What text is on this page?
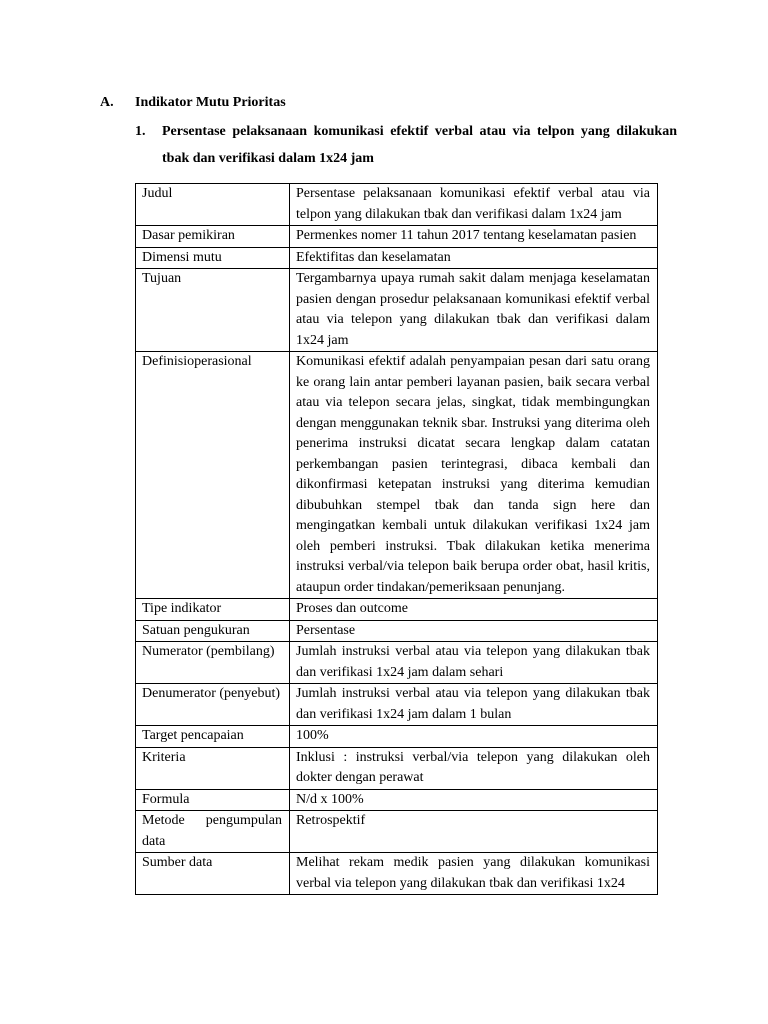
A. Indikator Mutu Prioritas
1. Persentase pelaksanaan komunikasi efektif verbal atau via telpon yang dilakukan tbak dan verifikasi dalam 1x24 jam
Judul	Persentase pelaksanaan komunikasi efektif verbal atau via telpon yang dilakukan tbak dan verifikasi dalam 1x24 jam
Dasar pemikiran	Permenkes nomer 11 tahun 2017 tentang keselamatan pasien
Dimensi mutu	Efektifitas dan keselamatan
Tujuan	Tergambarnya upaya rumah sakit dalam menjaga keselamatan pasien dengan prosedur pelaksanaan komunikasi efektif verbal atau via telepon yang dilakukan tbak dan verifikasi dalam 1x24 jam
Definisioperasional	Komunikasi efektif adalah penyampaian pesan dari satu orang ke orang lain antar pemberi layanan pasien, baik secara verbal atau via telepon secara jelas, singkat, tidak membingungkan dengan menggunakan teknik sbar. Instruksi yang diterima oleh penerima instruksi dicatat secara lengkap dalam catatan perkembangan pasien terintegrasi, dibaca kembali dan dikonfirmasi ketepatan instruksi yang diterima kemudian dibubuhkan stempel tbak dan tanda sign here dan mengingatkan kembali untuk dilakukan verifikasi 1x24 jam oleh pemberi instruksi. Tbak dilakukan ketika menerima instruksi verbal/via telepon baik berupa order obat, hasil kritis, ataupun order tindakan/pemeriksaan penunjang.
Tipe indikator	Proses dan outcome
Satuan pengukuran	Persentase
Numerator (pembilang)	Jumlah instruksi verbal atau via telepon yang dilakukan tbak dan verifikasi 1x24 jam dalam sehari
Denumerator (penyebut)	Jumlah instruksi verbal atau via telepon yang dilakukan tbak dan verifikasi 1x24 jam dalam 1 bulan
Target pencapaian	100%
Kriteria	Inklusi : instruksi verbal/via telepon yang dilakukan oleh dokter dengan perawat
Formula	N/d x 100%
Metode pengumpulan data	Retrospektif
Sumber data	Melihat rekam medik pasien yang dilakukan komunikasi verbal via telepon yang dilakukan tbak dan verifikasi 1x24
